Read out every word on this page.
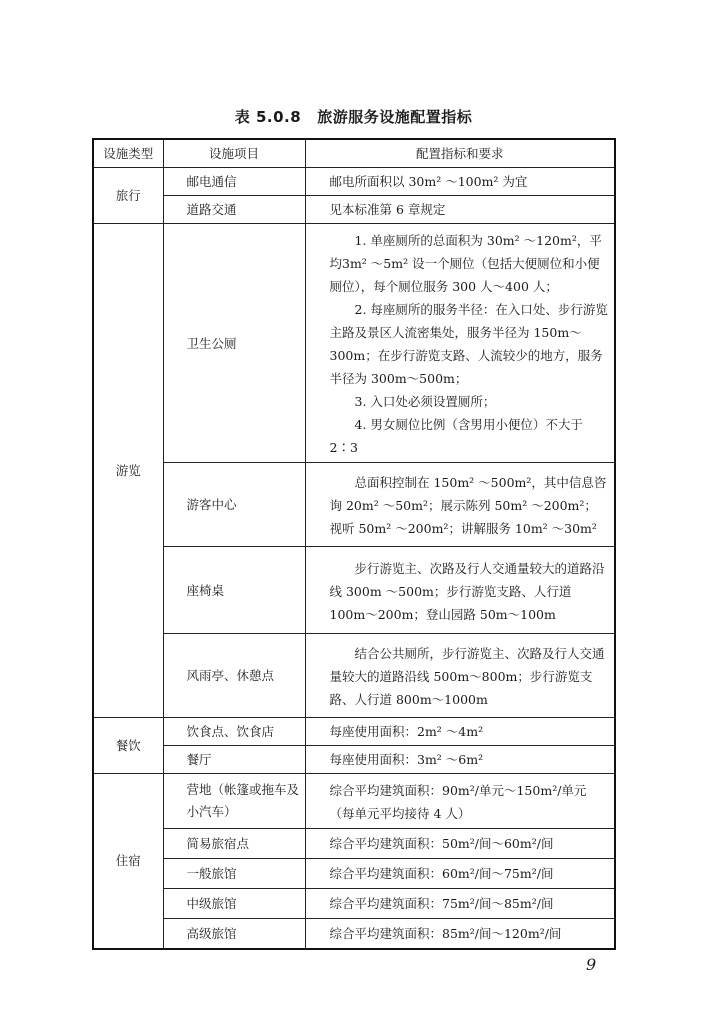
表 5.0.8 旅游服务设施配置指标
设施类型	设施项目	配置指标和要求
旅行	邮电通信	邮电所面积以 30m² ～100m² 为宜
	道路交通	见本标准第 6 章规定
游览	卫生公厕	1. 单座厕所的总面积为 30m² ～120m²，平均3m² ～5m² 设一个厕位（包括大便厕位和小便厕位），每个厕位服务 300 人～400 人；

2. 每座厕所的服务半径：在入口处、步行游览主路及景区人流密集处，服务半径为 150m～300m；在步行游览支路、人流较少的地方，服务半径为 300m～500m；

3. 入口处必须设置厕所；

4. 男女厕位比例（含男用小便位）不大于 2∶3

	游客中心	总面积控制在 150m² ～500m²，其中信息咨询 20m² ～50m²；展示陈列 50m² ～200m²；视听 50m² ～200m²；讲解服务 10m² ～30m²

	座椅桌	步行游览主、次路及行人交通量较大的道路沿线 300m ～500m；步行游览支路、人行道 100m～200m；登山园路 50m～100m

	风雨亭、休憩点	结合公共厕所，步行游览主、次路及行人交通量较大的道路沿线 500m～800m；步行游览支路、人行道 800m～1000m

餐饮	饮食点、饮食店	每座使用面积：2m² ～4m²
	餐厅	每座使用面积：3m² ～6m²
住宿	营地（帐篷或拖车及小汽车）	综合平均建筑面积：90m²/单元～150m²/单元（每单元平均接待 4 人）

	简易旅宿点	综合平均建筑面积：50m²/间～60m²/间
	一般旅馆	综合平均建筑面积：60m²/间～75m²/间
	中级旅馆	综合平均建筑面积：75m²/间～85m²/间
	高级旅馆	综合平均建筑面积：85m²/间～120m²/间
9
